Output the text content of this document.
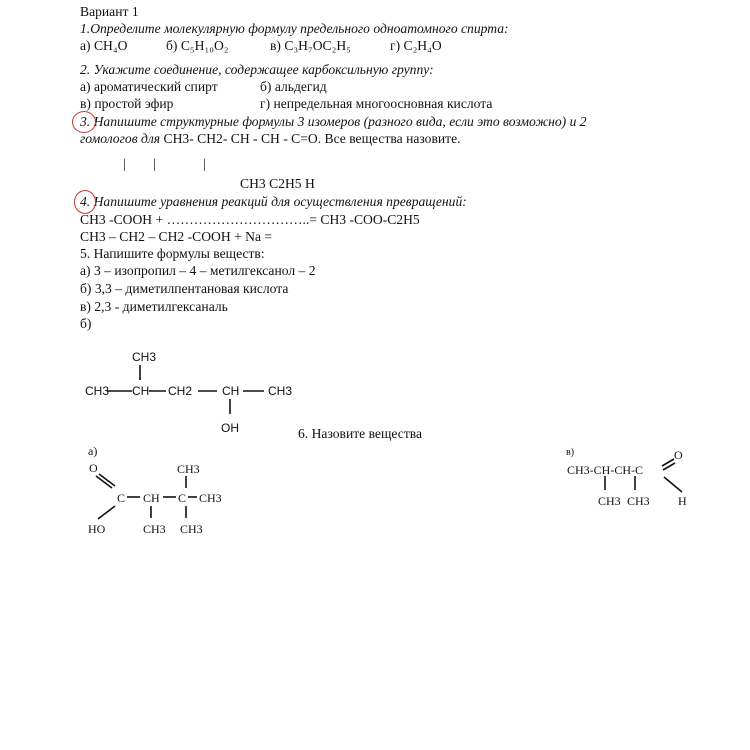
Вариант 1
1.Определите молекулярную формулу предельного одноатомного спирта:
а) CH₄O	б) C₅H₁₀O₂	в) C₃H₇OC₂H₅	г) C₂H₄O
2. Укажите соединение, содержащее карбоксильную группу:
а) ароматический спирт	б) альдегид
в) простой эфир	г) непредельная многоосновная кислота
3. Напишите структурные формулы 3 изомеров (разного вида, если это возможно) и 2
гомологов для CH3- CH2- CH - CH - C=O. Все вещества назовите.
| |	|
CH3 C2H5 H
4. Напишите уравнения реакций для осуществления превращений:
CH3 -COOH + …………………………..= CH3 -COO-C2H5
CH3 – CH2 – CH2 -COOH + Na =
5. Напишите формулы веществ:
а) 3 – изопропил – 4 – метилгексанол – 2
б) 3,3 – диметилпентановая кислота
в) 2,3 - диметилгексаналь
б)
CH3
CH3 CH CH2 CH CH3
OH	6. Назовите вещества
а)
O	CH3
C CH C CH3
HO	CH3 CH3
в)
CH3-CH-CH-C
O
CH3 CH3 H
